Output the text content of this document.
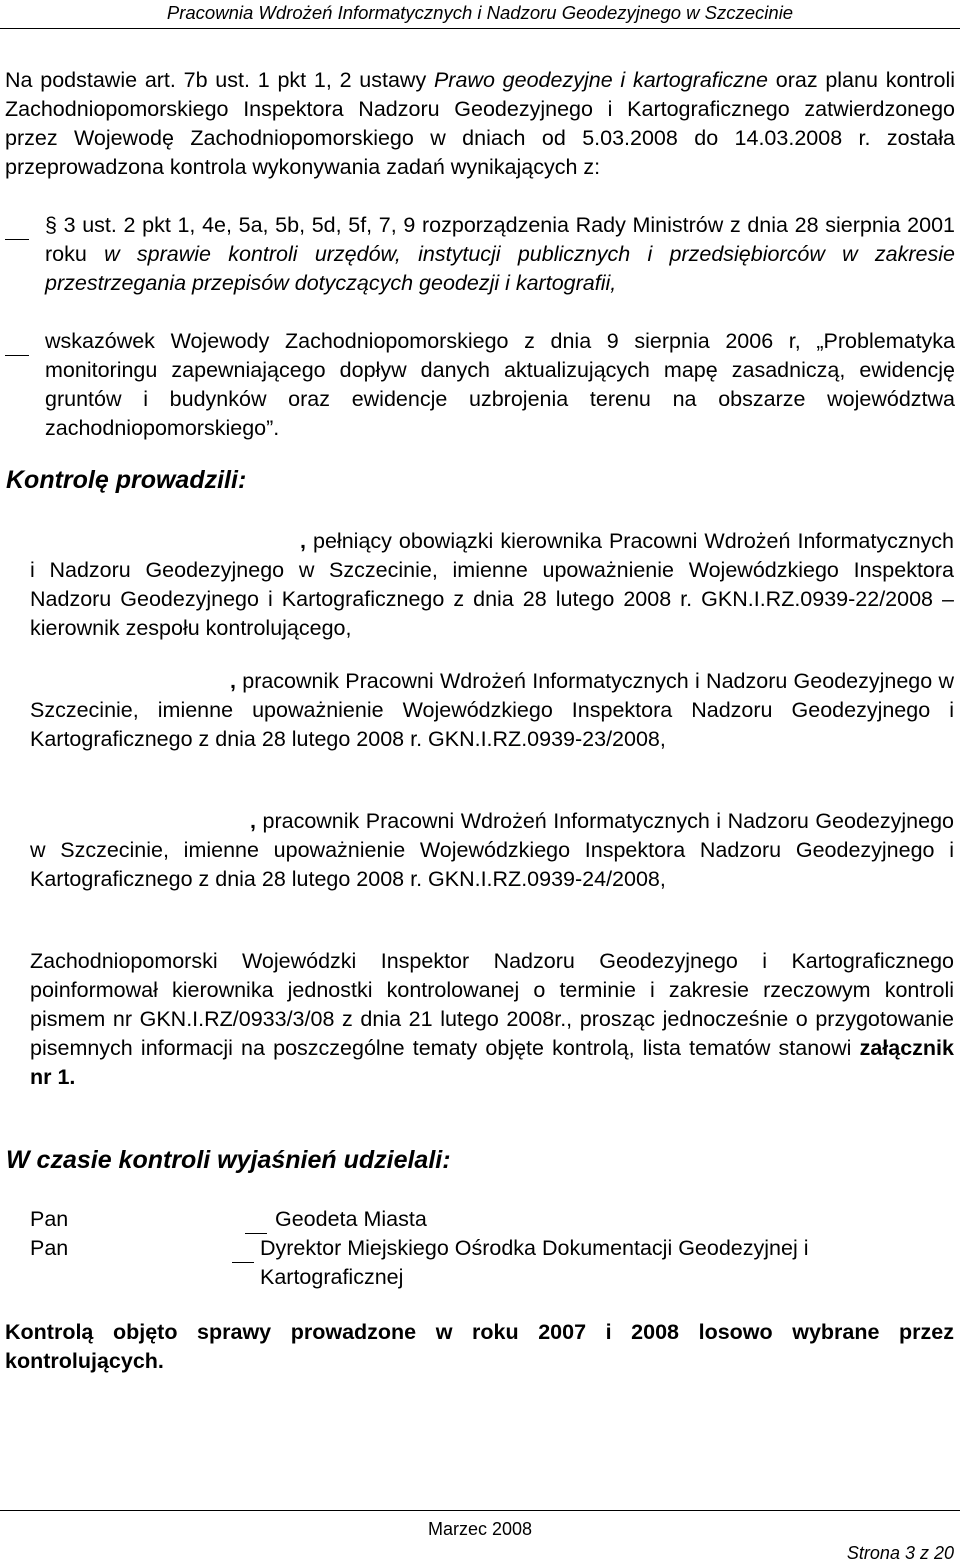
Pracownia Wdrożeń Informatycznych i Nadzoru Geodezyjnego w Szczecinie
Na podstawie art. 7b ust. 1 pkt 1, 2 ustawy Prawo geodezyjne i kartograficzne oraz planu kontroli Zachodniopomorskiego Inspektora Nadzoru Geodezyjnego i Kartograficznego zatwierdzonego przez Wojewodę Zachodniopomorskiego w dniach od 5.03.2008 do 14.03.2008 r. została przeprowadzona kontrola wykonywania zadań wynikających z:
§ 3 ust. 2 pkt 1, 4e, 5a, 5b, 5d, 5f, 7, 9 rozporządzenia Rady Ministrów z dnia 28 sierpnia 2001 roku w sprawie kontroli urzędów, instytucji publicznych i przedsiębiorców w zakresie przestrzegania przepisów dotyczących geodezji i kartografii,
wskazówek Wojewody Zachodniopomorskiego z dnia 9 sierpnia 2006 r, „Problematyka monitoringu zapewniającego dopływ danych aktualizujących mapę zasadniczą, ewidencję gruntów i budynków oraz ewidencje uzbrojenia terenu na obszarze województwa zachodniopomorskiego”.
Kontrolę prowadzili:
, pełniący obowiązki kierownika Pracowni Wdrożeń Informatycznych i Nadzoru Geodezyjnego w Szczecinie, imienne upoważnienie Wojewódzkiego Inspektora Nadzoru Geodezyjnego i Kartograficznego z dnia 28 lutego 2008 r. GKN.I.RZ.0939-22/2008 – kierownik zespołu kontrolującego,
, pracownik Pracowni Wdrożeń Informatycznych i Nadzoru Geodezyjnego w Szczecinie, imienne upoważnienie Wojewódzkiego Inspektora Nadzoru Geodezyjnego i Kartograficznego z dnia 28 lutego 2008 r. GKN.I.RZ.0939-23/2008,
, pracownik Pracowni Wdrożeń Informatycznych i Nadzoru Geodezyjnego w Szczecinie, imienne upoważnienie Wojewódzkiego Inspektora Nadzoru Geodezyjnego i Kartograficznego z dnia 28 lutego 2008 r. GKN.I.RZ.0939-24/2008,
Zachodniopomorski Wojewódzki Inspektor Nadzoru Geodezyjnego i Kartograficznego poinformował kierownika jednostki kontrolowanej o terminie i zakresie rzeczowym kontroli pismem nr GKN.I.RZ/0933/3/08 z dnia 21 lutego 2008r., prosząc jednocześnie o przygotowanie pisemnych informacji na poszczególne tematy objęte kontrolą, lista tematów stanowi załącznik nr 1.
W czasie kontroli wyjaśnień udzielali:
Pan	Geodeta Miasta
Pan	Dyrektor Miejskiego Ośrodka Dokumentacji Geodezyjnej i
Kartograficznej
Kontrolą objęto sprawy prowadzone w roku 2007 i 2008 losowo wybrane przez kontrolujących.
Marzec 2008
Strona 3 z 20
